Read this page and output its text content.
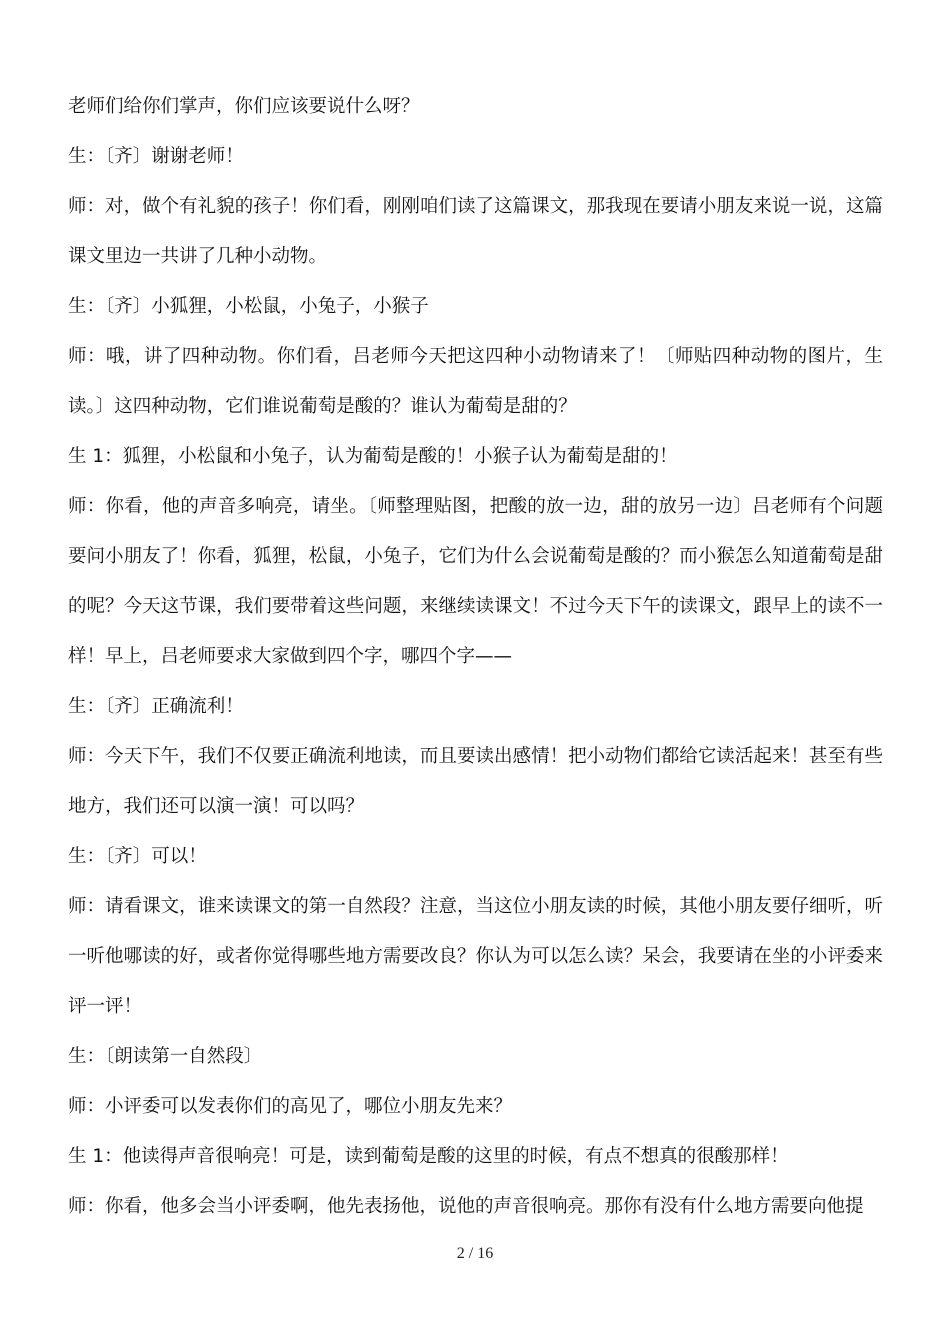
老师们给你们掌声，你们应该要说什么呀？

生：〔齐〕谢谢老师！

师：对，做个有礼貌的孩子！你们看，刚刚咱们读了这篇课文，那我现在要请小朋友来说一说，这篇课文里边一共讲了几种小动物。

生：〔齐〕小狐狸，小松鼠，小兔子，小猴子

师：哦，讲了四种动物。你们看，吕老师今天把这四种小动物请来了！〔师贴四种动物的图片，生读。〕这四种动物，它们谁说葡萄是酸的？谁认为葡萄是甜的？

生 1：狐狸，小松鼠和小兔子，认为葡萄是酸的！小猴子认为葡萄是甜的！

师：你看，他的声音多响亮，请坐。〔师整理贴图，把酸的放一边，甜的放另一边〕吕老师有个问题要问小朋友了！你看，狐狸，松鼠，小兔子，它们为什么会说葡萄是酸的？而小猴怎么知道葡萄是甜的呢？今天这节课，我们要带着这些问题，来继续读课文！不过今天下午的读课文，跟早上的读不一样！早上，吕老师要求大家做到四个字，哪四个字——

生：〔齐〕正确流利！

师：今天下午，我们不仅要正确流利地读，而且要读出感情！把小动物们都给它读活起来！甚至有些地方，我们还可以演一演！可以吗？

生：〔齐〕可以！

师：请看课文，谁来读课文的第一自然段？注意，当这位小朋友读的时候，其他小朋友要仔细听，听一听他哪读的好，或者你觉得哪些地方需要改良？你认为可以怎么读？呆会，我要请在坐的小评委来评一评！

生：〔朗读第一自然段〕

师：小评委可以发表你们的高见了，哪位小朋友先来？

生 1：他读得声音很响亮！可是，读到葡萄是酸的这里的时候，有点不想真的很酸那样！

师：你看，他多会当小评委啊，他先表扬他，说他的声音很响亮。那你有没有什么地方需要向他提

2 / 16
